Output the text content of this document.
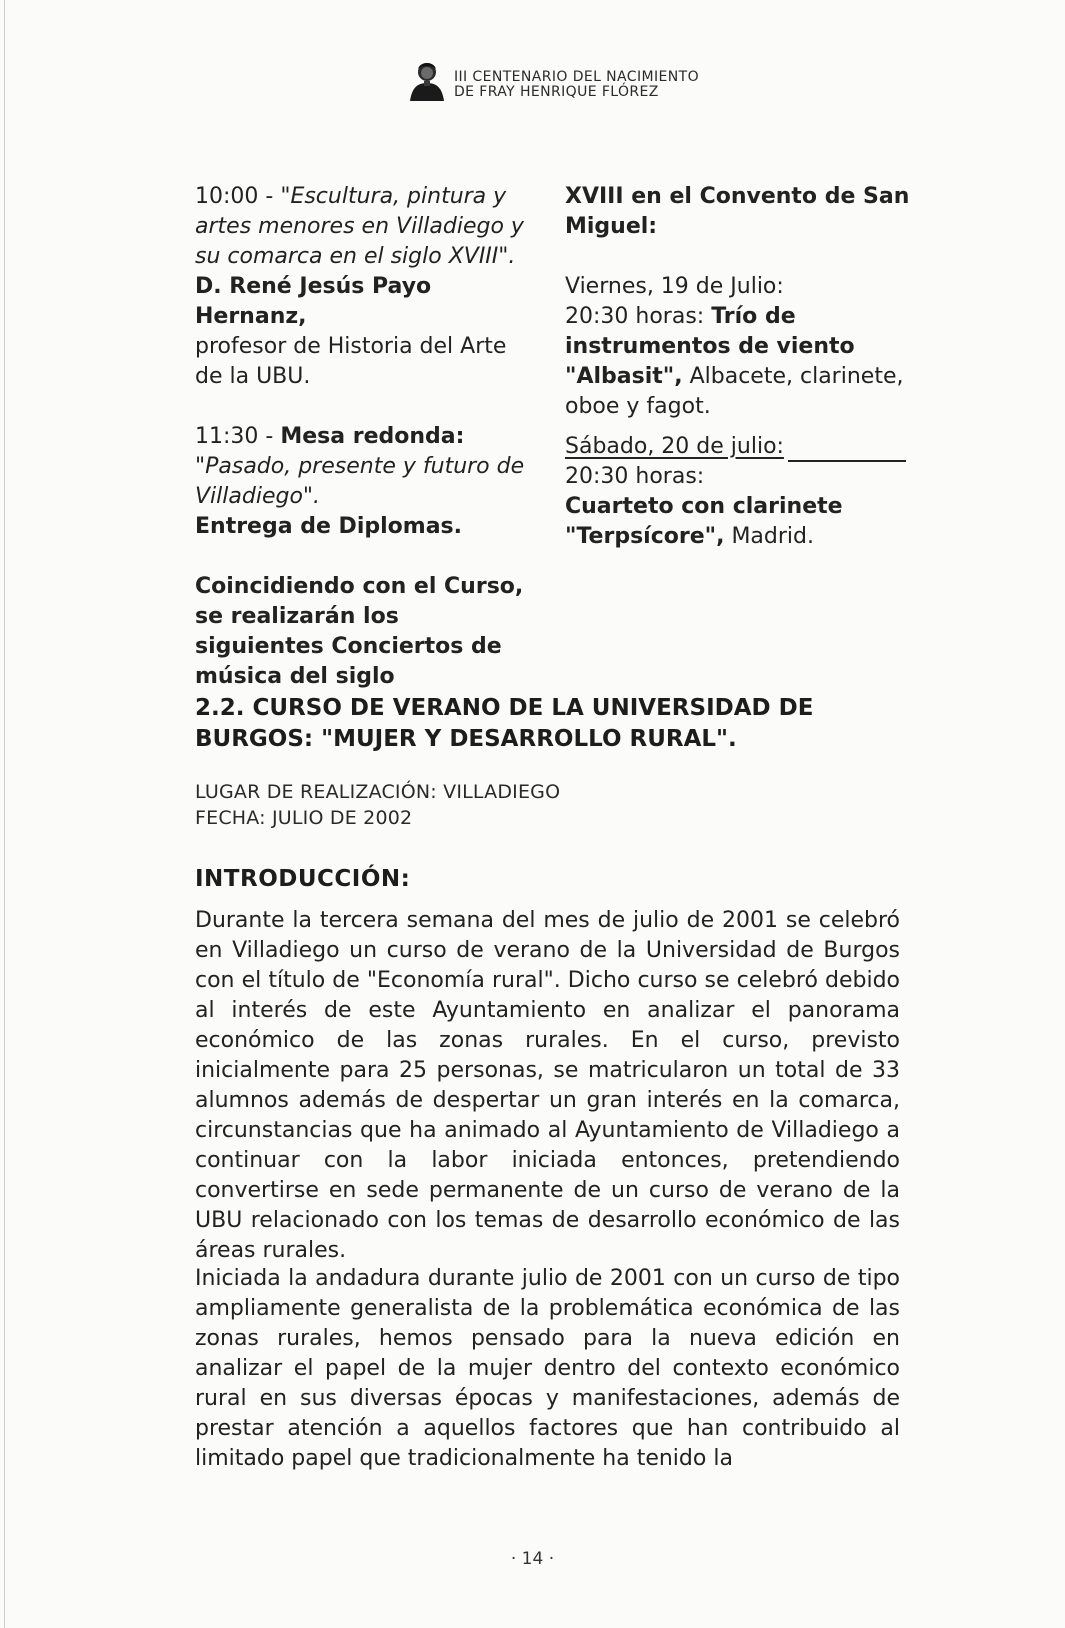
III CENTENARIO DEL NACIMIENTO
DE FRAY HENRIQUE FLÓREZ
10:00 - "Escultura, pintura y artes menores en Villadiego y su comarca en el siglo XVIII".
D. René Jesús Payo Hernanz,
profesor de Historia del Arte de la UBU.
11:30 - Mesa redonda: "Pasado, presente y futuro de Villadiego".
Entrega de Diplomas.
Coincidiendo con el Curso, se realizarán los siguientes Conciertos de música del siglo
XVIII en el Convento de San Miguel:
Viernes, 19 de Julio:
20:30 horas: Trío de instrumentos de viento "Albasit", Albacete, clarinete, oboe y fagot.
Sábado, 20 de julio:
20:30 horas:
Cuarteto con clarinete "Terpsícore", Madrid.
2.2. CURSO DE VERANO DE LA UNIVERSIDAD DE BURGOS: "MUJER Y DESARROLLO RURAL".
LUGAR DE REALIZACIÓN: VILLADIEGO
FECHA: JULIO DE 2002
INTRODUCCIÓN:
Durante la tercera semana del mes de julio de 2001 se celebró en Villadiego un curso de verano de la Universidad de Burgos con el título de "Economía rural". Dicho curso se celebró debido al interés de este Ayuntamiento en analizar el panorama económico de las zonas rurales. En el curso, previsto inicialmente para 25 personas, se matricularon un total de 33 alumnos además de despertar un gran interés en la comarca, circunstancias que ha animado al Ayuntamiento de Villadiego a continuar con la labor iniciada entonces, pretendiendo convertirse en sede permanente de un curso de verano de la UBU relacionado con los temas de desarrollo económico de las áreas rurales.
Iniciada la andadura durante julio de 2001 con un curso de tipo ampliamente generalista de la problemática económica de las zonas rurales, hemos pensado para la nueva edición en analizar el papel de la mujer dentro del contexto económico rural en sus diversas épocas y manifestaciones, además de prestar atención a aquellos factores que han contribuido al limitado papel que tradicionalmente ha tenido la
· 14 ·
